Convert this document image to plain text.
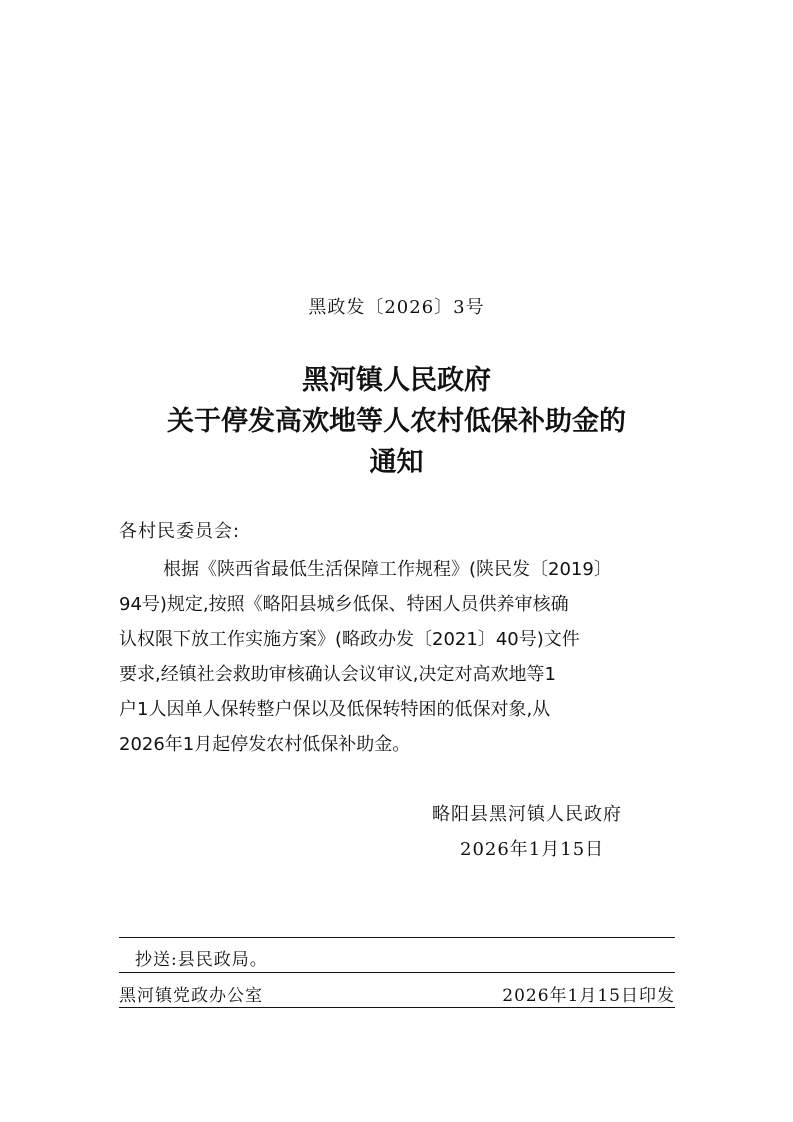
黑政发〔2026〕3号
黑河镇人民政府
关于停发高欢地等人农村低保补助金的
通知
各村民委员会:
根据《陕西省最低生活保障工作规程》(陕民发〔2019〕
94号)规定,按照《略阳县城乡低保、特困人员供养审核确
认权限下放工作实施方案》(略政办发〔2021〕40号)文件
要求,经镇社会救助审核确认会议审议,决定对高欢地等1
户1人因单人保转整户保以及低保转特困的低保对象,从
2026年1月起停发农村低保补助金。
略阳县黑河镇人民政府
2026年1月15日
抄送:县民政局。
黑河镇党政办公室	2026年1月15日印发
